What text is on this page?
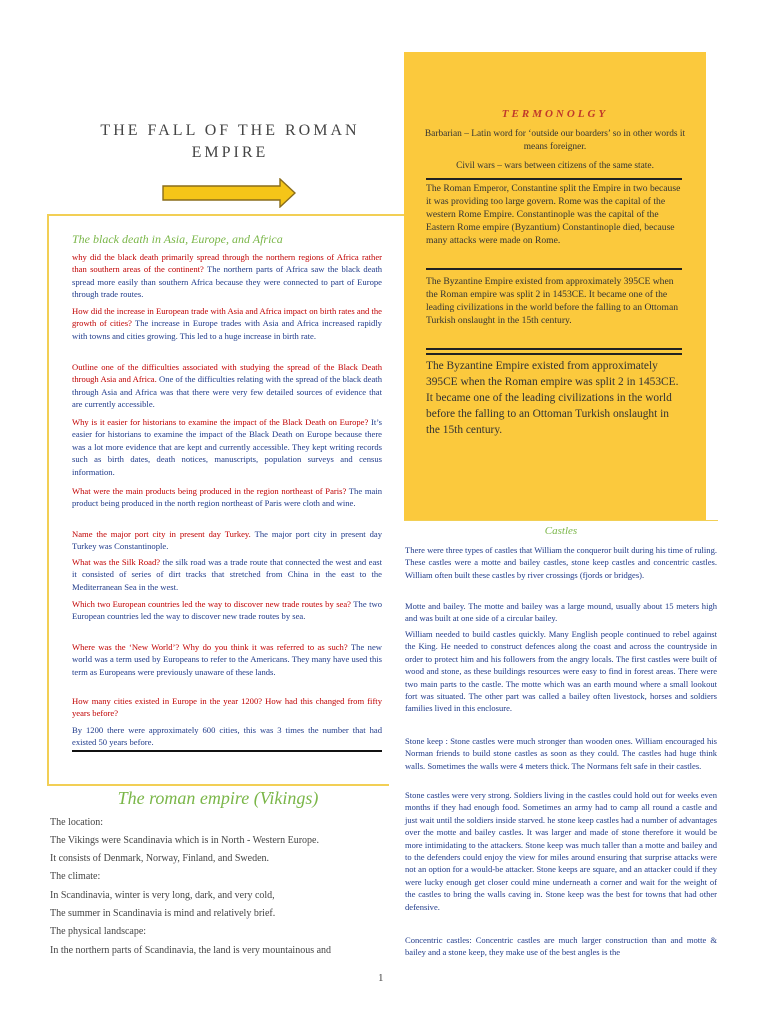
THE FALL OF THE ROMAN
EMPIRE
The black death in Asia, Europe, and Africa
why did the black death primarily spread through the northern regions of Africa rather than southern areas of the continent? The northern parts of Africa saw the black death spread more easily than southern Africa because they were connected to part of Europe through trade routes.
How did the increase in European trade with Asia and Africa impact on birth rates and the growth of cities? The increase in Europe trades with Asia and Africa increased rapidly with towns and cities growing. This led to a huge increase in birth rate.
Outline one of the difficulties associated with studying the spread of the Black Death through Asia and Africa. One of the difficulties relating with the spread of the black death through Asia and Africa was that there were very few detailed sources of evidence that are currently accessible.
Why is it easier for historians to examine the impact of the Black Death on Europe? It’s easier for historians to examine the impact of the Black Death on Europe because there was a lot more evidence that are kept and currently accessible. They kept writing records such as birth dates, death notices, manuscripts, population surveys and census information.
What were the main products being produced in the region northeast of Paris? The main product being produced in the north region northeast of Paris were cloth and wine.
Name the major port city in present day Turkey. The major port city in present day Turkey was Constantinople.
What was the Silk Road? the silk road was a trade route that connected the west and east it consisted of series of dirt tracks that stretched from China in the east to the Mediterranean Sea in the west.
Which two European countries led the way to discover new trade routes by sea? The two European countries led the way to discover new trade routes by sea.
Where was the ‘New World’? Why do you think it was referred to as such? The new world was a term used by Europeans to refer to the Americans. They many have used this term as Europeans were previously unaware of these lands.
How many cities existed in Europe in the year 1200? How had this changed from fifty years before?
By 1200 there were approximately 600 cities, this was 3 times the number that had existed 50 years before.
TERMONOLGY
Barbarian – Latin word for ‘outside our boarders’ so in other words it means foreigner.
Civil wars – wars between citizens of the same state.
The Roman Emperor, Constantine split the Empire in two because it was providing too large govern. Rome was the capital of the western Rome Empire. Constantinople was the capital of the Eastern Rome empire (Byzantium) Constantinople died, because many attacks were made on Rome.
The Byzantine Empire existed from approximately 395CE when the Roman empire was split 2 in 1453CE. It became one of the leading civilizations in the world before the falling to an Ottoman Turkish onslaught in the 15th century.
The Byzantine Empire existed from approximately 395CE when the Roman empire was split 2 in 1453CE. It became one of the leading civilizations in the world before the falling to an Ottoman Turkish onslaught in the 15th century.
Castles
There were three types of castles that William the conqueror built during his time of ruling. These castles were a motte and bailey castles, stone keep castles and concentric castles. William often built these castles by river crossings (fjords or bridges).
Motte and bailey. The motte and bailey was a large mound, usually about 15 meters high and was built at one side of a circular bailey.
William needed to build castles quickly. Many English people continued to rebel against the King. He needed to construct defences along the coast and across the countryside in order to protect him and his followers from the angry locals. The first castles were built of wood and stone, as these buildings resources were easy to find in forest areas. There were two main parts to the castle. The motte which was an earth mound where a small lookout fort was situated. The other part was called a bailey often livestock, horses and soldiers families lived in this enclosure.
Stone keep : Stone castles were much stronger than wooden ones. William encouraged his Norman friends to build stone castles as soon as they could. The castles had huge think walls. Sometimes the walls were 4 meters thick. The Normans felt safe in their castles.
Stone castles were very strong. Soldiers living in the castles could hold out for weeks even months if they had enough food. Sometimes an army had to camp all round a castle and just wait until the soldiers inside starved. he stone keep castles had a number of advantages over the motte and bailey castles. It was larger and made of stone therefore it would be more intimidating to the attackers. Stone keep was much taller than a motte and bailey and to the defenders could enjoy the view for miles around ensuring that surprise attacks were not an option for a would-be attacker. Stone keeps are square, and an attacker could if they were lucky enough get closer could mine underneath a corner and wait for the weight of the castles to bring the walls caving in. Stone keep was the best for towns that had other defensive.
Concentric castles: Concentric castles are much larger construction than and motte & bailey and a stone keep, they make use of the best angles is the
The roman empire (Vikings)
The location:
The Vikings were Scandinavia which is in North - Western Europe.
It consists of Denmark, Norway, Finland, and Sweden.
The climate:
In Scandinavia, winter is very long, dark, and very cold,
The summer in Scandinavia is mind and relatively brief.
The physical landscape:
In the northern parts of Scandinavia, the land is very mountainous and
1
